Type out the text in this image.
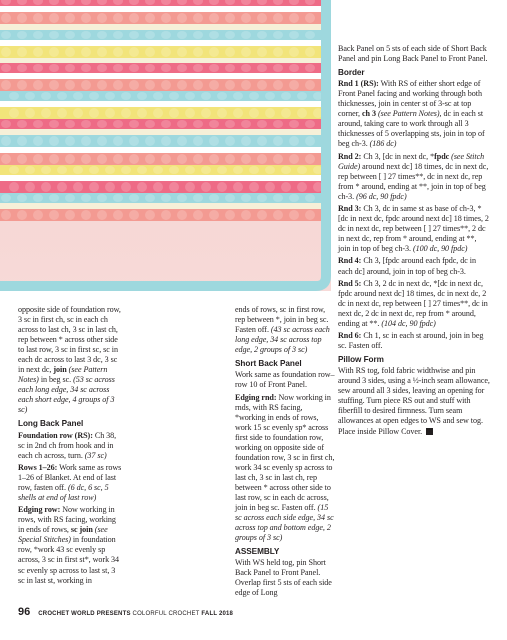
opposite side of foundation row, 3 sc in first ch, sc in each ch across to last ch, 3 sc in last ch, rep between * across other side to last row, 3 sc in first sc, sc in each dc across to last 3 dc, 3 sc in next dc, join (see Pattern Notes) in beg sc. (53 sc across each long edge, 34 sc across each short edge, 4 groups of 3 sc)

Long Back Panel

Foundation row (RS): Ch 38, sc in 2nd ch from hook and in each ch across, turn. (37 sc)

Rows 1–26: Work same as rows 1–26 of Blanket. At end of last row, fasten off. (6 dc, 6 sc, 5 shells at end of last row)

Edging row: Now working in rows, with RS facing, working in ends of rows, sc join (see Special Stitches) in foundation row, *work 43 sc evenly sp across, 3 sc in first st*, work 34 sc evenly sp across to last st, 3 sc in last st, working in

ends of rows, sc in first row, rep between *, join in beg sc. Fasten off. (43 sc across each long edge, 34 sc across top edge, 2 groups of 3 sc)

Short Back Panel

Work same as foundation row–row 10 of Front Panel.

Edging rnd: Now working in rnds, with RS facing, *working in ends of rows, work 15 sc evenly sp* across first side to foundation row, working on opposite side of foundation row, 3 sc in first ch, work 34 sc evenly sp across to last ch, 3 sc in last ch, rep between * across other side to last row, sc in each dc across, join in beg sc. Fasten off. (15 sc across each side edge, 34 sc across top and bottom edge, 2 groups of 3 sc)

ASSEMBLY

With WS held tog, pin Short Back Panel to Front Panel. Overlap first 5 sts of each side edge of Long

Back Panel on 5 sts of each side of Short Back Panel and pin Long Back Panel to Front Panel.

Border

Rnd 1 (RS): With RS of either short edge of Front Panel facing and working through both thicknesses, join in center st of 3-sc at top corner, ch 3 (see Pattern Notes), dc in each st around, taking care to work through all 3 thicknesses of 5 overlapping sts, join in top of beg ch-3. (186 dc)

Rnd 2: Ch 3, [dc in next dc, *fpdc (see Stitch Guide) around next dc] 18 times, dc in next dc, rep between [ ] 27 times**, dc in next dc, rep from * around, ending at **, join in top of beg ch-3. (96 dc, 90 fpdc)

Rnd 3: Ch 3, dc in same st as base of ch-3, *[dc in next dc, fpdc around next dc] 18 times, 2 dc in next dc, rep between [ ] 27 times**, 2 dc in next dc, rep from * around, ending at **, join in top of beg ch-3. (100 dc, 90 fpdc)

Rnd 4: Ch 3, [fpdc around each fpdc, dc in each dc] around, join in top of beg ch-3.

Rnd 5: Ch 3, 2 dc in next dc, *[dc in next dc, fpdc around next dc] 18 times, dc in next dc, 2 dc in next dc, rep between [ ] 27 times**, dc in next dc, 2 dc in next dc, rep from * around, ending at **. (104 dc, 90 fpdc)

Rnd 6: Ch 1, sc in each st around, join in beg sc. Fasten off.

Pillow Form

With RS tog, fold fabric widthwise and pin around 3 sides, using a ½-inch seam allowance, sew around all 3 sides, leaving an opening for stuffing. Turn piece RS out and stuff with fiberfill to desired firmness. Turn seam allowances at open edges to WS and sew tog. Place inside Pillow Cover.

96 CROCHET WORLD PRESENTS COLORFUL CROCHET FALL 2018
